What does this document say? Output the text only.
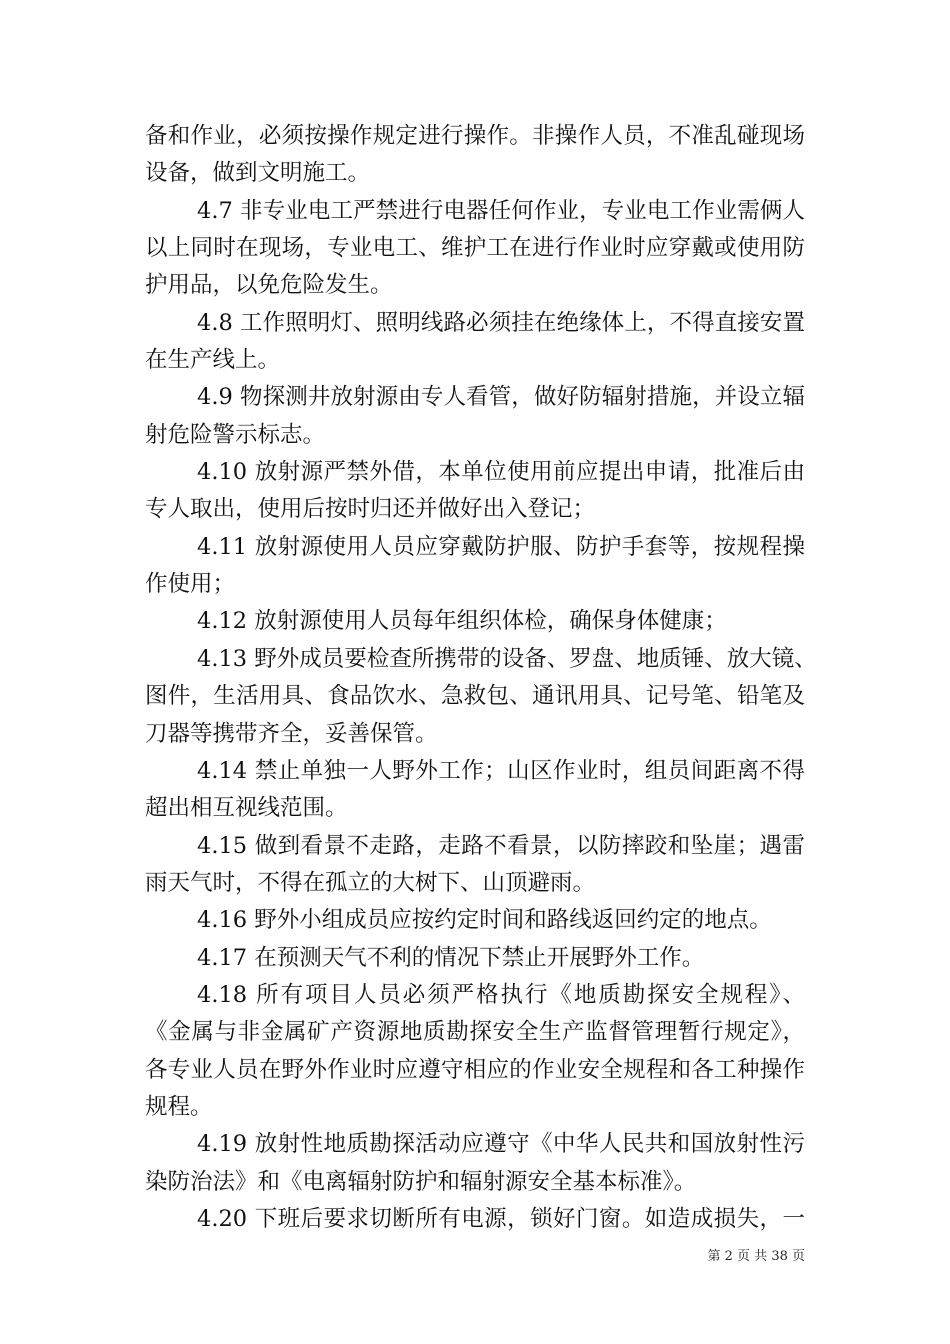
备和作业，必须按操作规定进行操作。非操作人员，不准乱碰现场
设备，做到文明施工。
4.7 非专业电工严禁进行电器任何作业，专业电工作业需俩人
以上同时在现场，专业电工、维护工在进行作业时应穿戴或使用防
护用品，以免危险发生。
4.8 工作照明灯、照明线路必须挂在绝缘体上，不得直接安置
在生产线上。
4.9 物探测井放射源由专人看管，做好防辐射措施，并设立辐
射危险警示标志。
4.10 放射源严禁外借，本单位使用前应提出申请，批准后由
专人取出，使用后按时归还并做好出入登记；
4.11 放射源使用人员应穿戴防护服、防护手套等，按规程操
作使用；
4.12 放射源使用人员每年组织体检，确保身体健康；
4.13 野外成员要检查所携带的设备、罗盘、地质锤、放大镜、
图件，生活用具、食品饮水、急救包、通讯用具、记号笔、铅笔及
刀器等携带齐全，妥善保管。
4.14 禁止单独一人野外工作；山区作业时，组员间距离不得
超出相互视线范围。
4.15 做到看景不走路，走路不看景，以防摔跤和坠崖；遇雷
雨天气时，不得在孤立的大树下、山顶避雨。
4.16 野外小组成员应按约定时间和路线返回约定的地点。
4.17 在预测天气不利的情况下禁止开展野外工作。
4.18 所有项目人员必须严格执行《地质勘探安全规程》、
《金属与非金属矿产资源地质勘探安全生产监督管理暂行规定》，
各专业人员在野外作业时应遵守相应的作业安全规程和各工种操作
规程。
4.19 放射性地质勘探活动应遵守《中华人民共和国放射性污
染防治法》和《电离辐射防护和辐射源安全基本标准》。
4.20 下班后要求切断所有电源，锁好门窗。如造成损失，一
第 2 页 共 38 页
